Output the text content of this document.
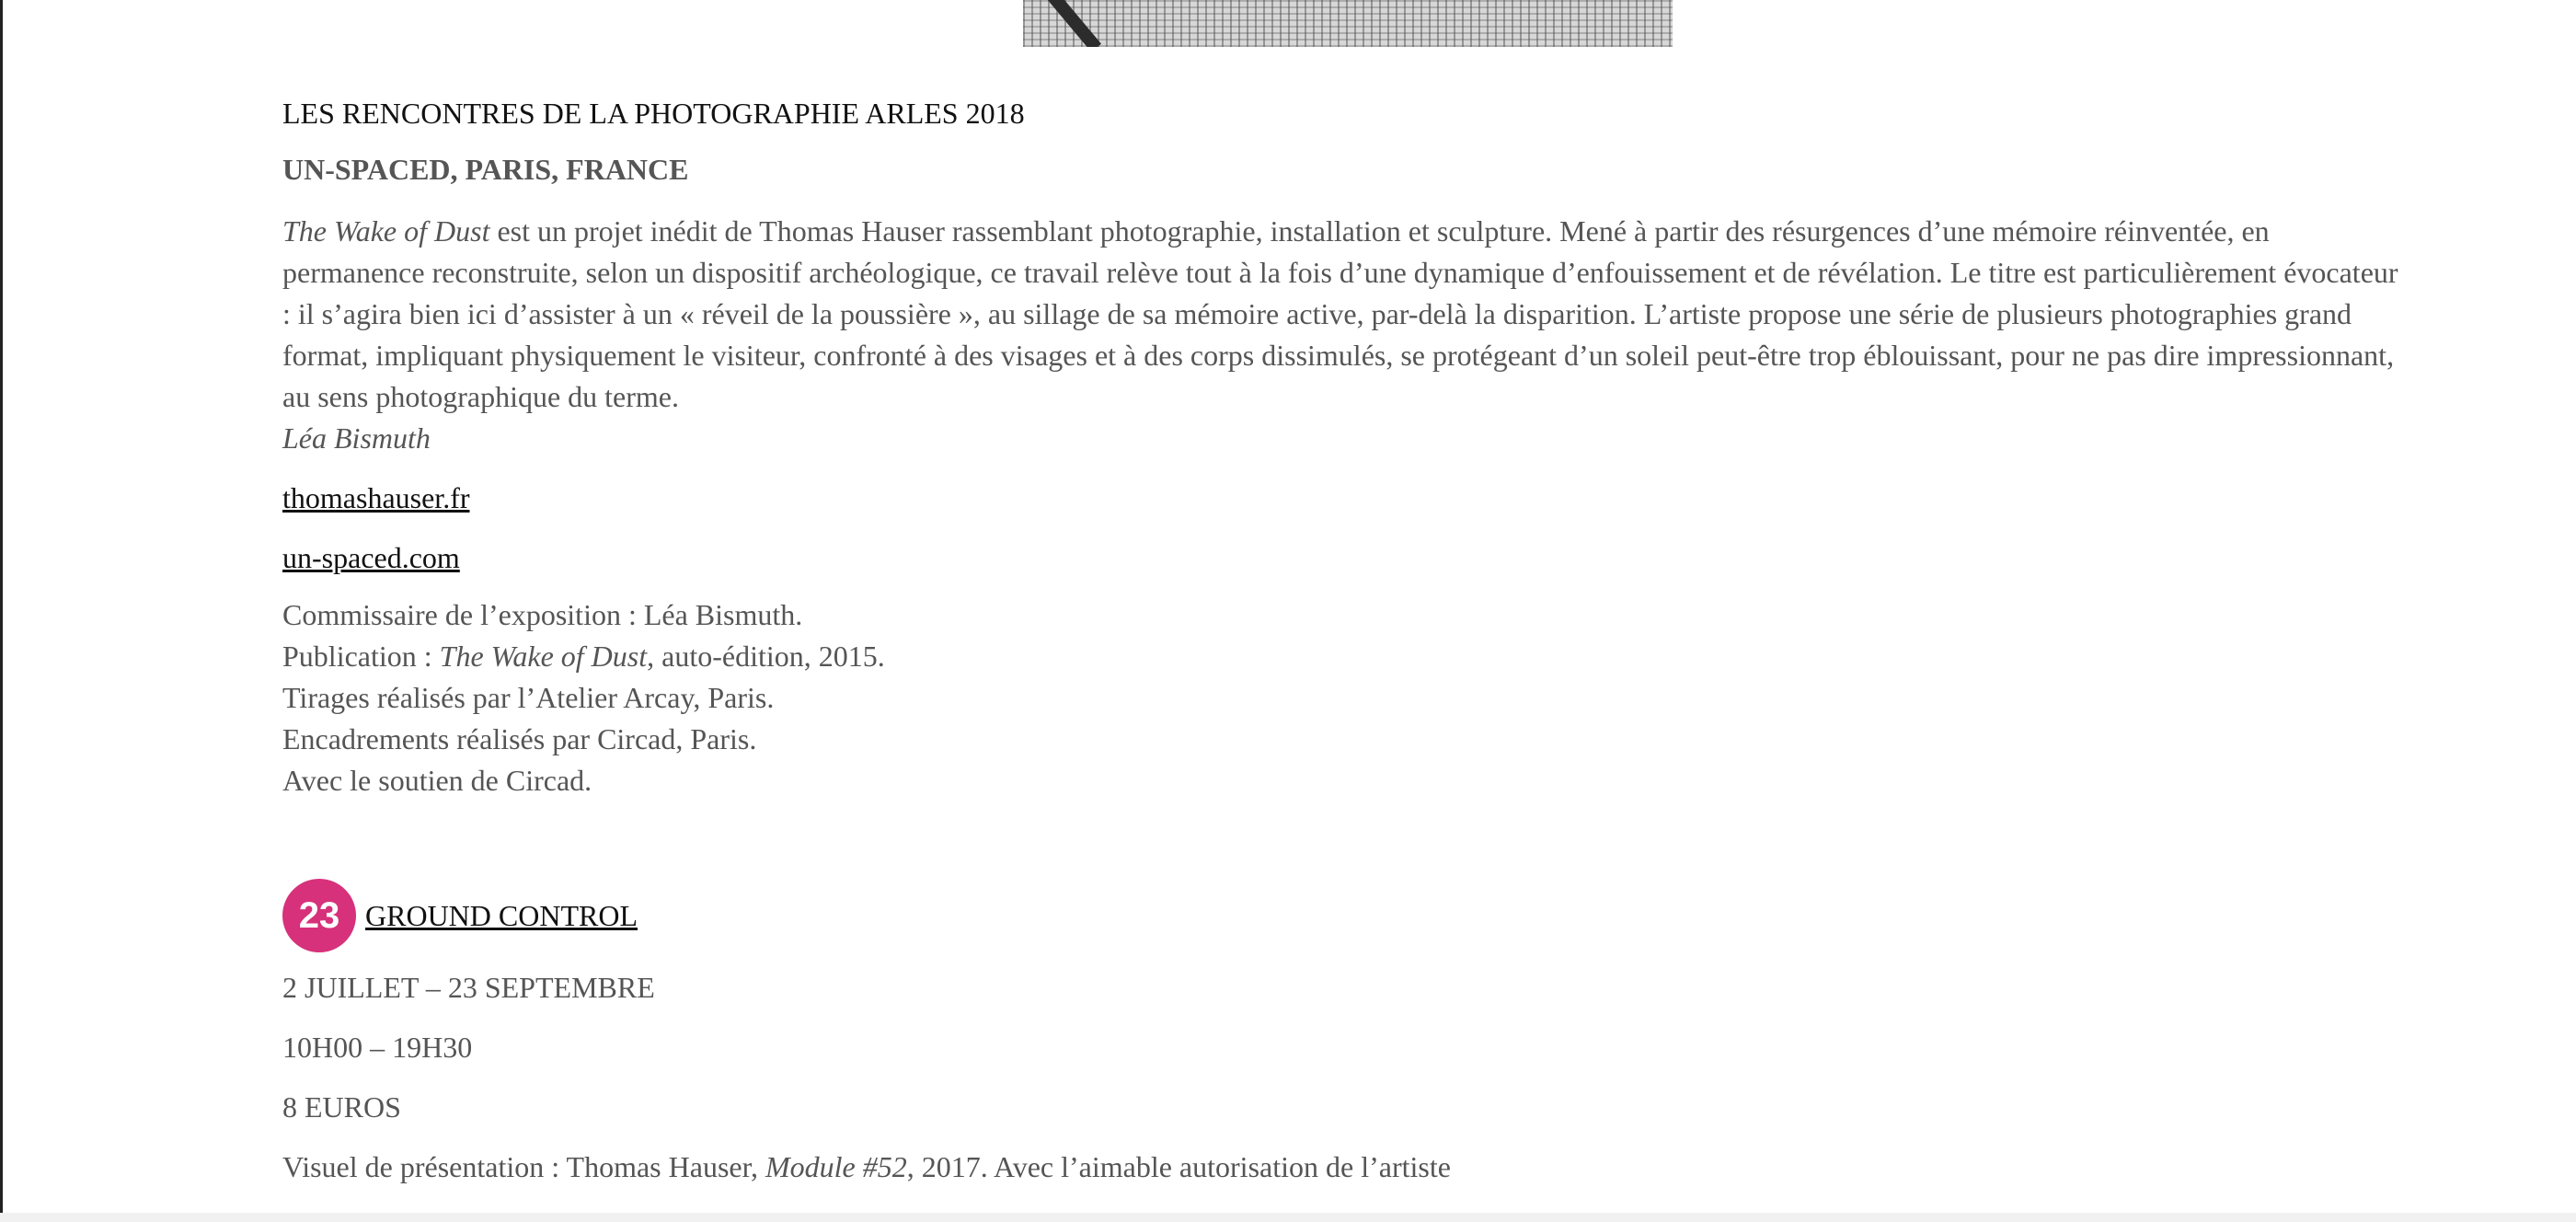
LES RENCONTRES DE LA PHOTOGRAPHIE ARLES 2018
UN-SPACED, PARIS, FRANCE

The Wake of Dust est un projet inédit de Thomas Hauser rassemblant photographie, installation et sculpture. Mené à partir des résurgences d’une mémoire réinventée, en permanence reconstruite, selon un dispositif archéologique, ce travail relève tout à la fois d’une dynamique d’enfouissement et de révélation. Le titre est particulièrement évocateur : il s’agira bien ici d’assister à un « réveil de la poussière », au sillage de sa mémoire active, par-delà la disparition. L’artiste propose une série de plusieurs photographies grand format, impliquant physiquement le visiteur, confronté à des visages et à des corps dissimulés, se protégeant d’un soleil peut-être trop éblouissant, pour ne pas dire impressionnant, au sens photographique du terme.
Léa Bismuth

thomashauser.fr
un-spaced.com
Commissaire de l’exposition : Léa Bismuth.
Publication : The Wake of Dust, auto-édition, 2015.
Tirages réalisés par l’Atelier Arcay, Paris.
Encadrements réalisés par Circad, Paris.
Avec le soutien de Circad.
23 GROUND CONTROL
2 JUILLET – 23 SEPTEMBRE
10H00 – 19H30
8 EUROS
Visuel de présentation : Thomas Hauser, Module #52, 2017. Avec l’aimable autorisation de l’artiste
